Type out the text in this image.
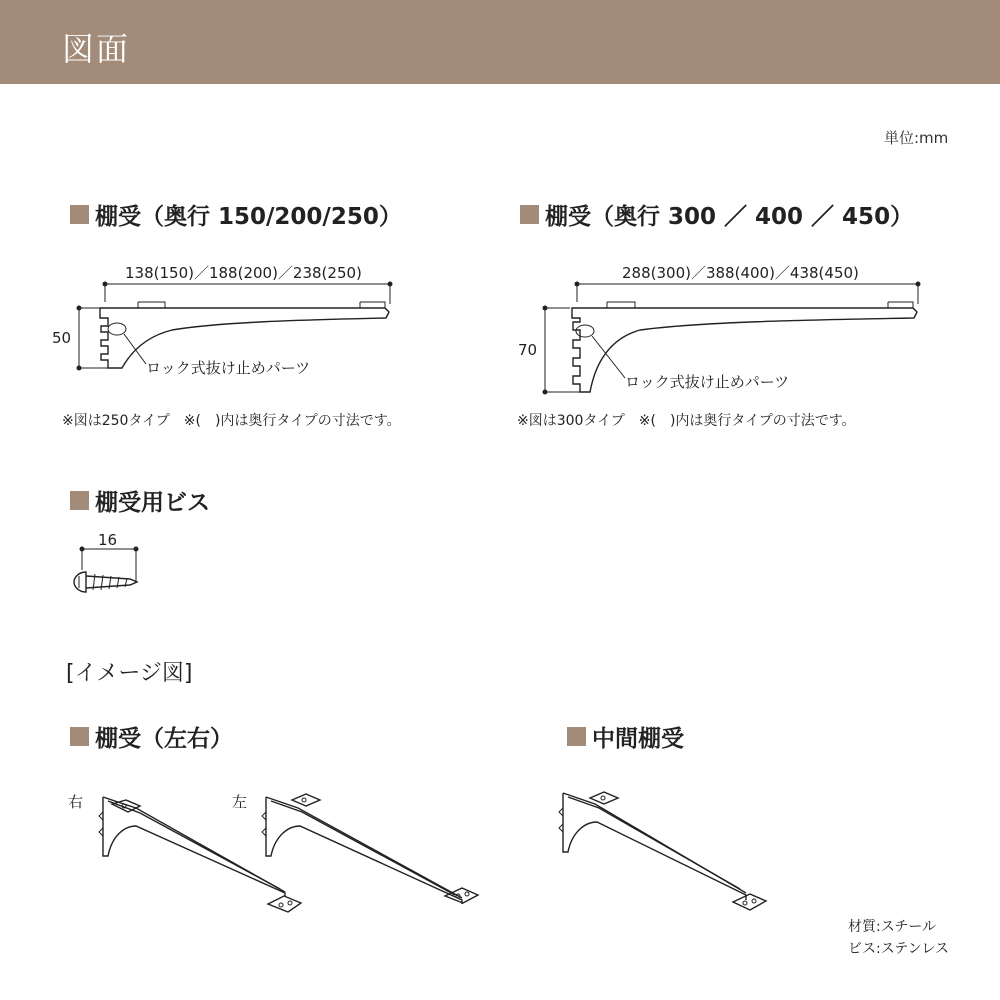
図面
単位:mm
棚受（奥行 150/200/250）	棚受（奥行 300 ／ 400 ／ 450）
棚受用ビス
[イメージ図]
棚受（左右）	中間棚受
138(150)／188(200)／238(250)
50
ロック式抜け止めパーツ
※図は250タイプ　※(　)内は奥行タイプの寸法です。
288(300)／388(400)／438(450)
70
ロック式抜け止めパーツ
※図は300タイプ　※(　)内は奥行タイプの寸法です。
16
右	左
材質:スチール
ビス:ステンレス
